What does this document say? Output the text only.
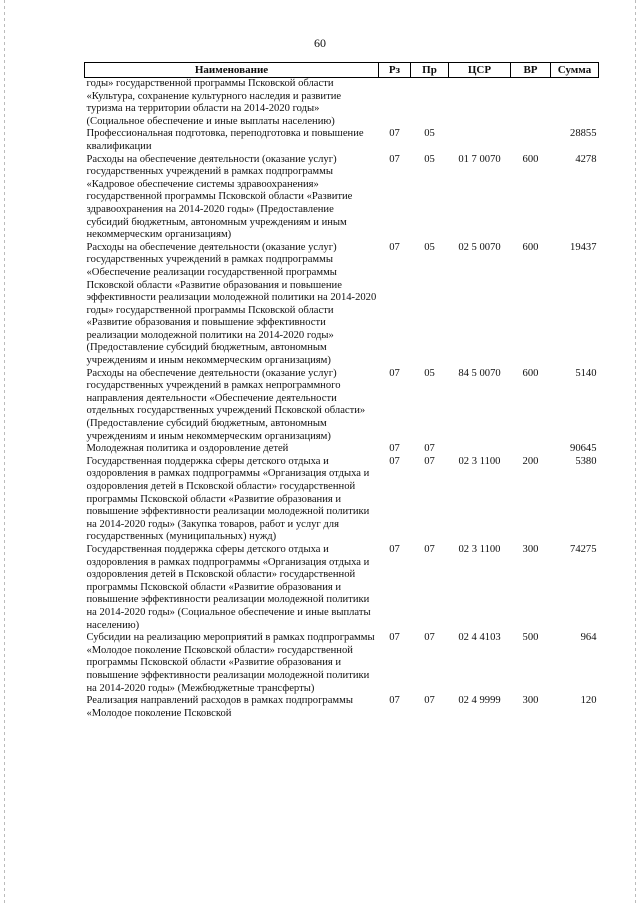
60
Наименование	Рз	Пр	ЦСР	ВР	Сумма
годы» государственной программы Псковской области «Культура, сохранение культурного наследия и развитие туризма на территории области на 2014-2020 годы» (Социальное обеспечение и иные выплаты населению)					
Профессиональная подготовка, переподготовка и повышение квалификации	07	05			28855
Расходы на обеспечение деятельности (оказание услуг) государственных учреждений в рамках подпрограммы «Кадровое обеспечение системы здравоохранения» государственной программы Псковской области «Развитие здравоохранения на 2014-2020 годы» (Предоставление субсидий бюджетным, автономным учреждениям и иным некоммерческим организациям)	07	05	01 7 0070	600	4278
Расходы на обеспечение деятельности (оказание услуг) государственных учреждений в рамках подпрограммы «Обеспечение реализации государственной программы Псковской области «Развитие образования и повышение эффективности реализации молодежной политики на 2014-2020 годы» государственной программы Псковской области «Развитие образования и повышение эффективности реализации молодежной политики на 2014-2020 годы» (Предоставление субсидий бюджетным, автономным учреждениям и иным некоммерческим организациям)	07	05	02 5 0070	600	19437
Расходы на обеспечение деятельности (оказание услуг) государственных учреждений в рамках непрограммного направления деятельности «Обеспечение деятельности отдельных государственных учреждений Псковской области» (Предоставление субсидий бюджетным, автономным учреждениям и иным некоммерческим организациям)	07	05	84 5 0070	600	5140
Молодежная политика и оздоровление детей	07	07			90645
Государственная поддержка сферы детского отдыха и оздоровления в рамках подпрограммы «Организация отдыха и оздоровления детей в Псковской области» государственной программы Псковской области «Развитие образования и повышение эффективности реализации молодежной политики на 2014-2020 годы» (Закупка товаров, работ и услуг для государственных (муниципальных) нужд)	07	07	02 3 1100	200	5380
Государственная поддержка сферы детского отдыха и оздоровления в рамках подпрограммы «Организация отдыха и оздоровления детей в Псковской области» государственной программы Псковской области «Развитие образования и повышение эффективности реализации молодежной политики на 2014-2020 годы» (Социальное обеспечение и иные выплаты населению)	07	07	02 3 1100	300	74275
Субсидии на реализацию мероприятий в рамках подпрограммы «Молодое поколение Псковской области» государственной программы Псковской области «Развитие образования и повышение эффективности реализации молодежной политики на 2014-2020 годы» (Межбюджетные трансферты)	07	07	02 4 4103	500	964
Реализация направлений расходов в рамках подпрограммы «Молодое поколение Псковской	07	07	02 4 9999	300	120
